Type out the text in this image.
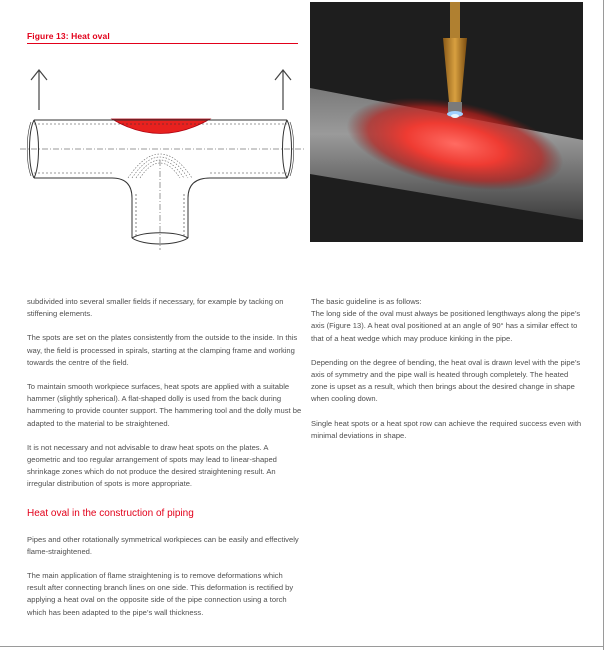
Figure 13: Heat oval

subdivided into several smaller fields if necessary, for example by tacking on stiffening elements.

The spots are set on the plates consistently from the outside to the inside. In this way, the field is processed in spirals, starting at the clamping frame and working towards the centre of the field.

To maintain smooth workpiece surfaces, heat spots are applied with a suitable hammer (slightly spherical). A flat-shaped dolly is used from the back during hammering to provide counter support. The hammering tool and the dolly must be adapted to the material to be straightened.

It is not necessary and not advisable to draw heat spots on the plates. A geometric and too regular arrangement of spots may lead to linear-shaped shrinkage zones which do not produce the desired straightening result. An irregular distribution of spots is more appropriate.

Heat oval in the construction of piping

Pipes and other rotationally symmetrical workpieces can be easily and effectively flame-straightened.

The main application of flame straightening is to remove deformations which result after connecting branch lines on one side. This deformation is rectified by applying a heat oval on the opposite side of the pipe connection using a torch which has been adapted to the pipe’s wall thickness.

The basic guideline is as follows:
The long side of the oval must always be positioned lengthways along the pipe’s axis (Figure 13). A heat oval positioned at an angle of 90° has a similar effect to that of a heat wedge which may produce kinking in the pipe.

Depending on the degree of bending, the heat oval is drawn level with the pipe’s axis of symmetry and the pipe wall is heated through completely. The heated zone is upset as a result, which then brings about the desired change in shape when cooling down.

Single heat spots or a heat spot row can achieve the required success even with minimal deviations in shape.
